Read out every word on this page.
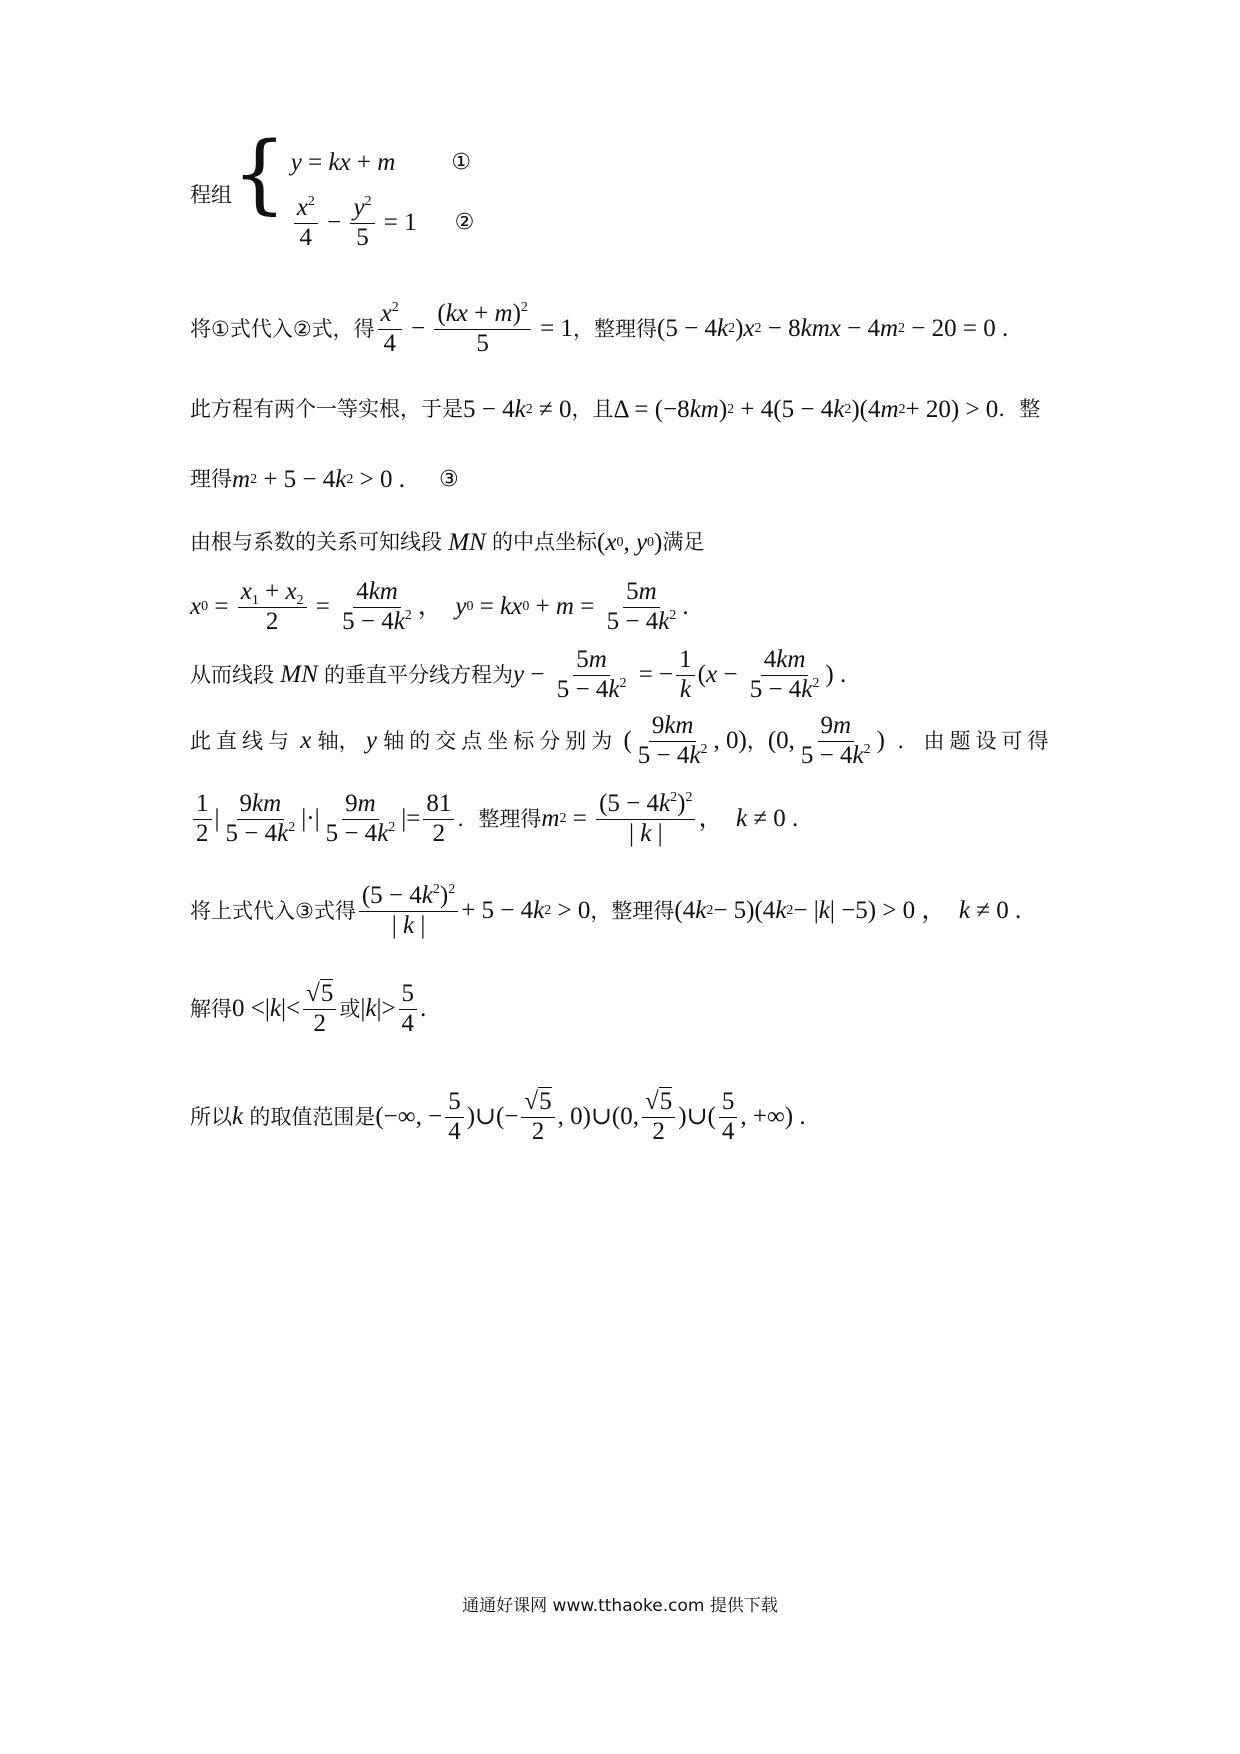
程组 { y = kx + m	①
$\frac{x^2}{4} - \frac{y^2}{5} = 1$ ②
将①式代入②式，得 $\frac{x^2}{4} - \frac{(kx + m)^2}{5} = 1$ ，整理得 (5 − 4 k 2 ) x 2 − 8 kmx − 4 m 2 − 20 = 0 .
此方程有两个一等实根，于是 5 − 4 k 2 ≠ 0 ，且 Δ = (−8 km ) 2 + 4(5 − 4 k 2 )(4 m 2 + 20) > 0 ．整
理得 m 2 + 5 − 4 k 2 > 0 . ③
由根与系数的关系可知线段
MN
的中点坐标 ( x 0 , y 0 ) 满足
x $0 = \frac{x_1 + x_2}{2} = \frac{4km}{5 - 4k^2}$ ， y 0 = kx $0 + m = \frac{5m}{5 - 4k^2}$ .
从而线段
MN
的垂直平分线方程为 $y - \frac{5m}{5 - 4k^2}$ = − $\frac{1}{k}$ ( $x - \frac{4km}{5 - 4k^2}$ ) .
此直线与
x
轴，
y
轴的交点坐标分别为 ( $\frac{9km}{5 - 4k^2}$ , 0) ， (0, $\frac{9m}{5 - 4k^2}$ ) ．由题设可得
$\frac{1}{2}$ | $\frac{9km}{5 - 4k^2}$ |·| $\frac{9m}{5 - 4k^2}$ |= $\frac{81}{2}$ ．整理得 m $2 = \frac{(5 - 4k^2)^2}{| k |}$ ， k ≠ 0 .
将上式代入③式得 $\frac{(5 - 4k^2)^2}{| k |} + 5 - 4$ k 2 > 0 ，整理得 (4 k 2 − 5)(4 k 2 − | k | −5) > 0 ， k ≠ 0 .
解得 0 <| k |< $\frac{√5}{2}$ 或 | k |> $\frac{5}{4}$ .
所以 k
的取值范围是 (−∞, − $\frac{5}{4}$ )∪(− $\frac{√5}{2}$ , 0)∪(0, $\frac{√5}{2}$ )∪( $\frac{5}{4}$ , +∞) .
通通好课网 www.tthaoke.com 提供下载
